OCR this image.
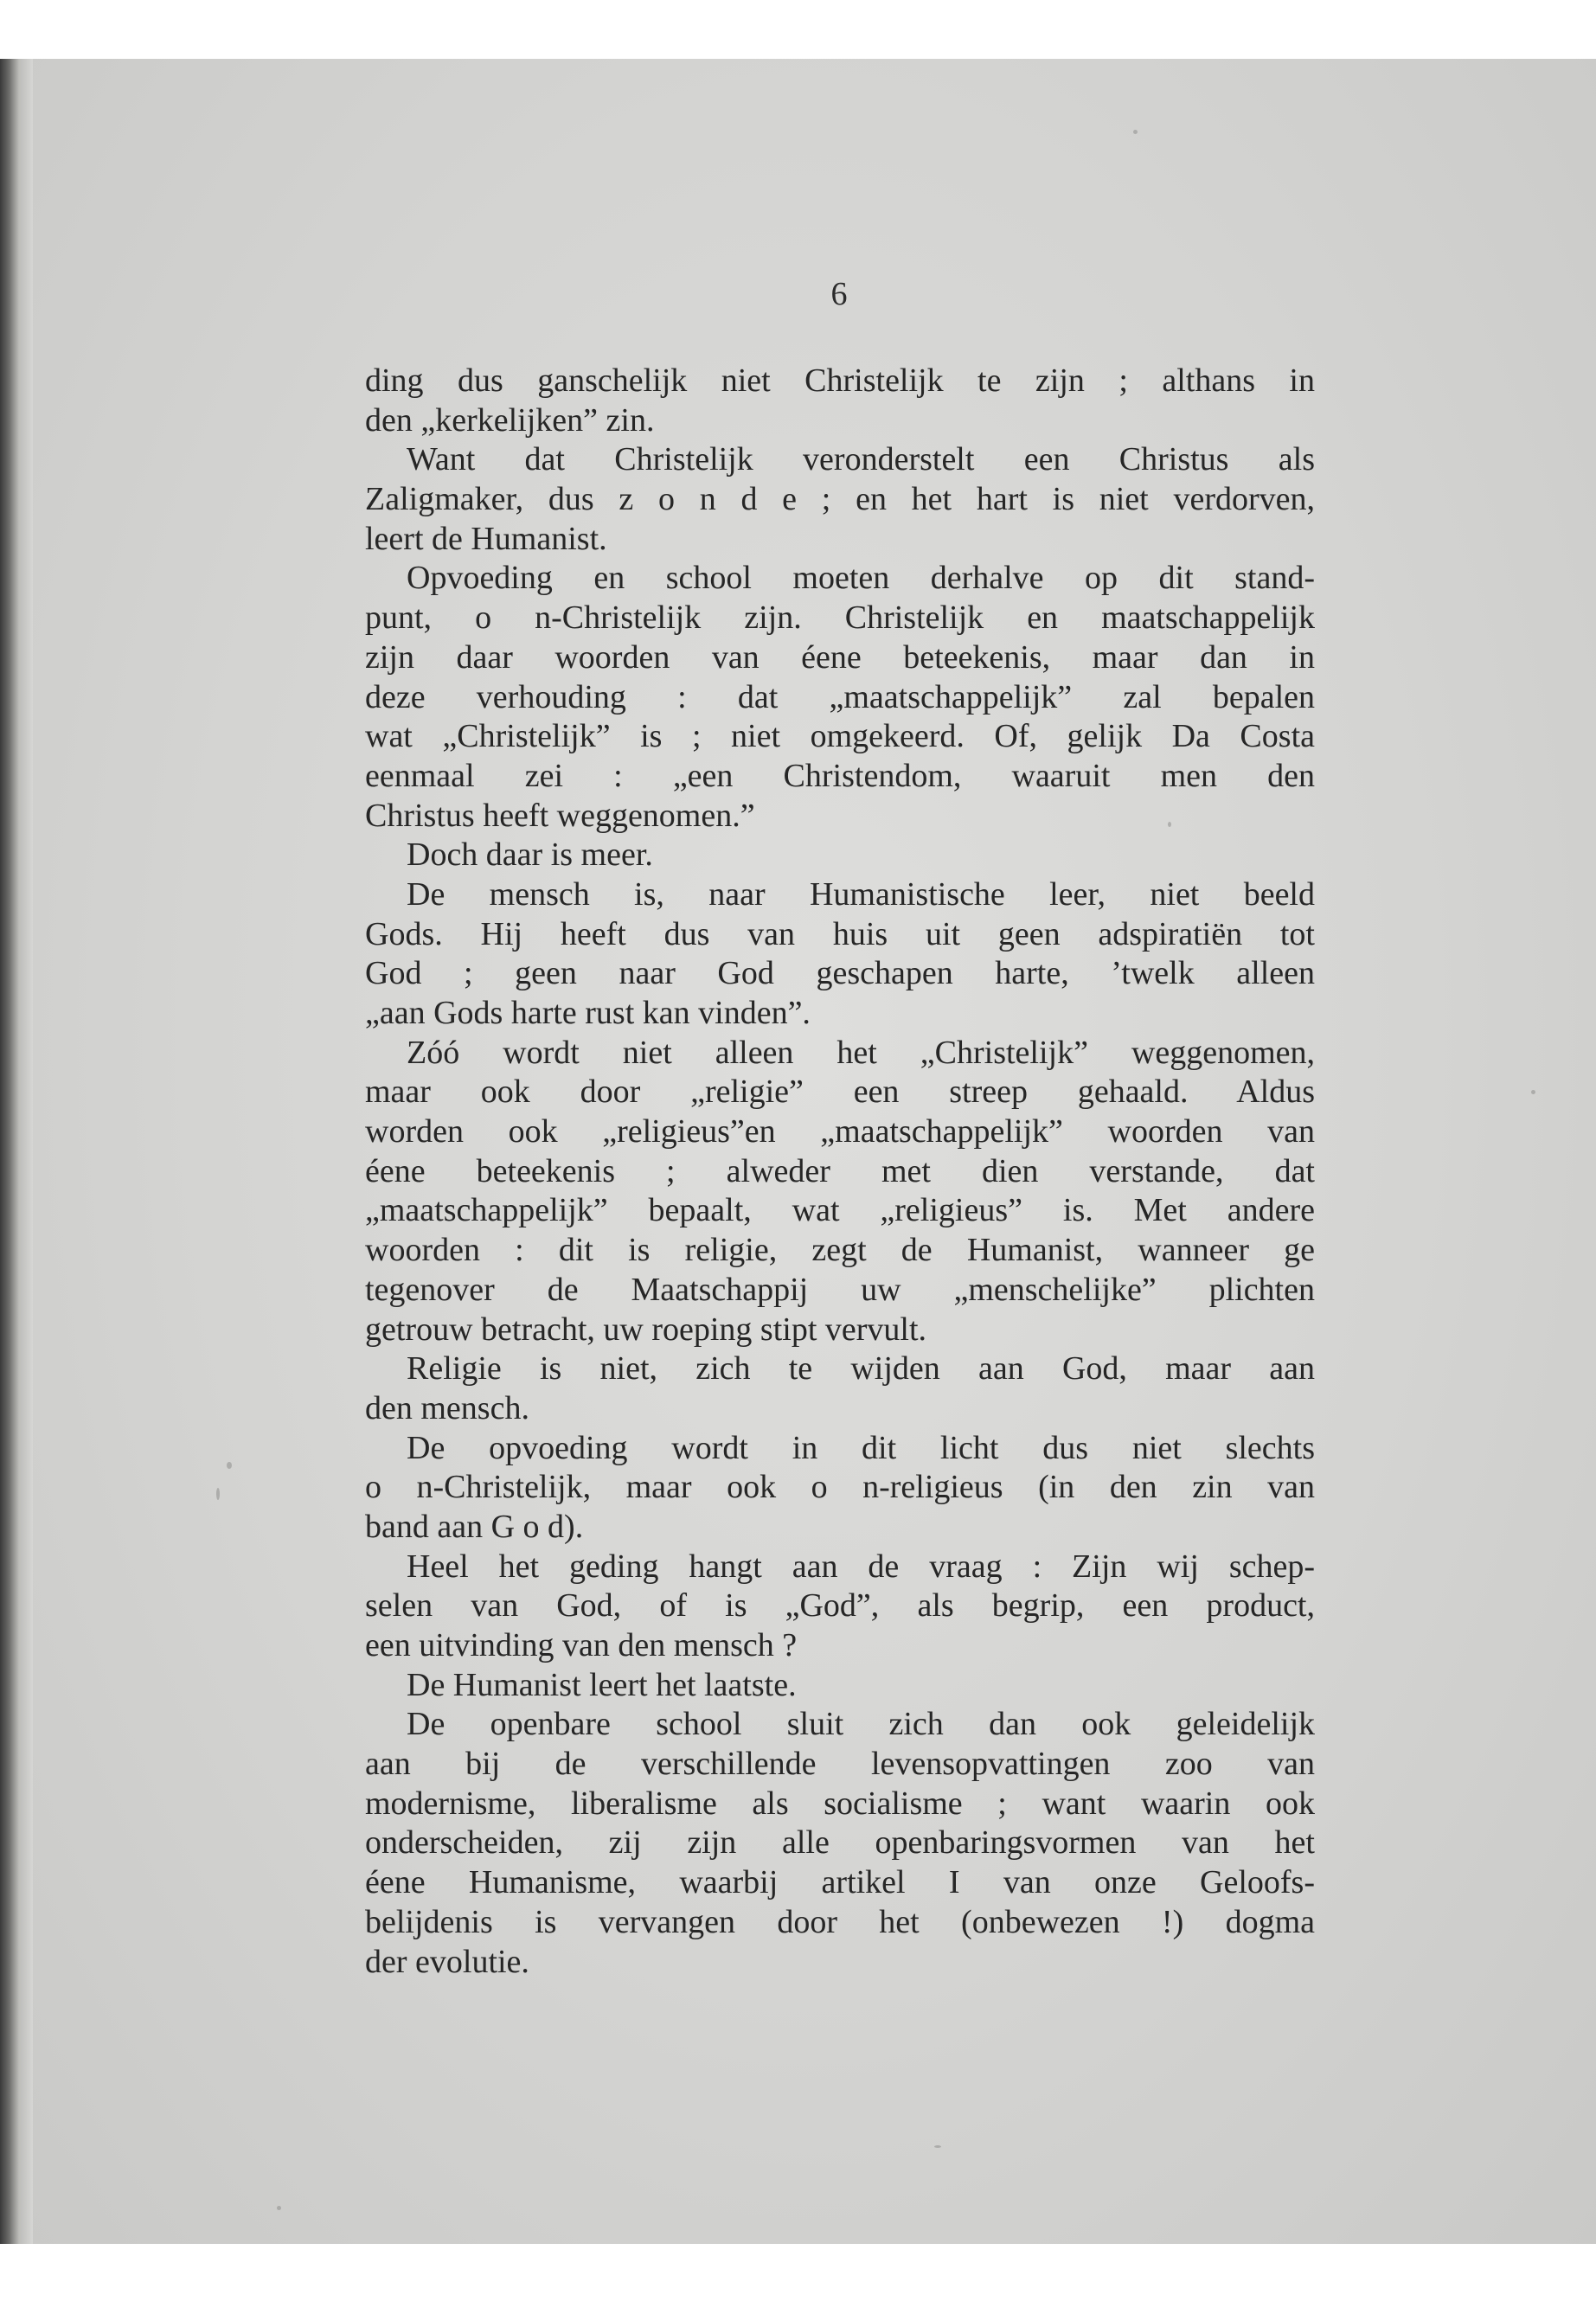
6
ding dus ganschelijk niet Christelijk te zijn ; althans in
den „kerkelijken” zin.
Want dat Christelijk veronderstelt een Christus als
Zaligmaker, dus z o n d e ; en het hart is niet verdorven,
leert de Humanist.
Opvoeding en school moeten derhalve op dit stand-
punt, o n-Christelijk zijn. Christelijk en maatschappelijk
zijn daar woorden van éene beteekenis, maar dan in
deze verhouding : dat „maatschappelijk” zal bepalen
wat „Christelijk” is ; niet omgekeerd. Of, gelijk Da Costa
eenmaal zei : „een Christendom, waaruit men den
Christus heeft weggenomen.”
Doch daar is meer.
De mensch is, naar Humanistische leer, niet beeld
Gods. Hij heeft dus van huis uit geen adspiratiën tot
God ; geen naar God geschapen harte, ’twelk alleen
„aan Gods harte rust kan vinden”.
Zóó wordt niet alleen het „Christelijk” weggenomen,
maar ook door „religie” een streep gehaald. Aldus
worden ook „religieus”en „maatschappelijk” woorden van
éene beteekenis ; alweder met dien verstande, dat
„maatschappelijk” bepaalt, wat „religieus” is. Met andere
woorden : dit is religie, zegt de Humanist, wanneer ge
tegenover de Maatschappij uw „menschelijke” plichten
getrouw betracht, uw roeping stipt vervult.
Religie is niet, zich te wijden aan God, maar aan
den mensch.
De opvoeding wordt in dit licht dus niet slechts
o n-Christelijk, maar ook o n-religieus (in den zin van
band aan G o d).
Heel het geding hangt aan de vraag : Zijn wij schep-
selen van God, of is „God”, als begrip, een product,
een uitvinding van den mensch ?
De Humanist leert het laatste.
De openbare school sluit zich dan ook geleidelijk
aan bij de verschillende levensopvattingen zoo van
modernisme, liberalisme als socialisme ; want waarin ook
onderscheiden, zij zijn alle openbaringsvormen van het
éene Humanisme, waarbij artikel I van onze Geloofs-
belijdenis is vervangen door het (onbewezen !) dogma
der evolutie.
